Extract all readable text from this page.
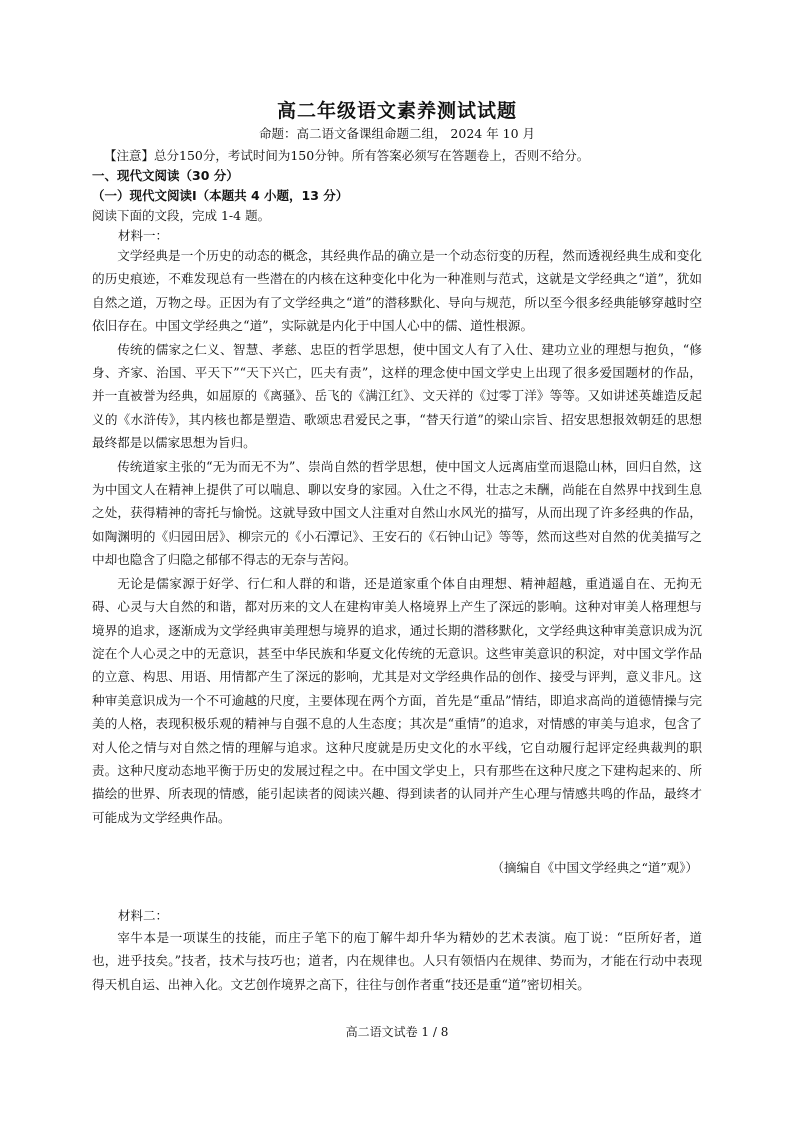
高二年级语文素养测试试题
命题：高二语文备课组命题二组， 2024 年 10 月
【注意】总分150分，考试时间为150分钟。所有答案必须写在答题卷上，否则不给分。
一、现代文阅读（30 分）
（一）现代文阅读Ⅰ（本题共 4 小题，13 分）
阅读下面的文段，完成 1-4 题。
材料一：

文学经典是一个历史的动态的概念，其经典作品的确立是一个动态衍变的历程，然而透视经典生成和变化的历史痕迹，不难发现总有一些潜在的内核在这种变化中化为一种准则与范式，这就是文学经典之“道”，犹如自然之道，万物之母。正因为有了文学经典之“道”的潜移默化、导向与规范，所以至今很多经典能够穿越时空依旧存在。中国文学经典之“道”，实际就是内化于中国人心中的儒、道性根源。

传统的儒家之仁义、智慧、孝慈、忠臣的哲学思想，使中国文人有了入仕、建功立业的理想与抱负，“修身、齐家、治国、平天下”“天下兴亡，匹夫有责”，这样的理念使中国文学史上出现了很多爱国题材的作品，并一直被誉为经典，如屈原的《离骚》、岳飞的《满江红》、文天祥的《过零丁洋》等等。又如讲述英雄造反起义的《水浒传》，其内核也都是塑造、歌颂忠君爱民之事，“替天行道”的梁山宗旨、招安思想报效朝廷的思想最终都是以儒家思想为旨归。

传统道家主张的“无为而无不为”、崇尚自然的哲学思想，使中国文人远离庙堂而退隐山林，回归自然，这为中国文人在精神上提供了可以喘息、聊以安身的家园。入仕之不得，壮志之未酬，尚能在自然界中找到生息之处，获得精神的寄托与愉悦。这就导致中国文人注重对自然山水风光的描写，从而出现了许多经典的作品，如陶渊明的《归园田居》、柳宗元的《小石潭记》、王安石的《石钟山记》等等，然而这些对自然的优美描写之中却也隐含了归隐之郁郁不得志的无奈与苦闷。

无论是儒家源于好学、行仁和人群的和谐，还是道家重个体自由理想、精神超越，重逍遥自在、无拘无碍、心灵与大自然的和谐，都对历来的文人在建构审美人格境界上产生了深远的影响。这种对审美人格理想与境界的追求，逐渐成为文学经典审美理想与境界的追求，通过长期的潜移默化，文学经典这种审美意识成为沉淀在个人心灵之中的无意识，甚至中华民族和华夏文化传统的无意识。这些审美意识的积淀，对中国文学作品的立意、构思、用语、用情都产生了深远的影响，尤其是对文学经典作品的创作、接受与评判，意义非凡。这种审美意识成为一个不可逾越的尺度，主要体现在两个方面，首先是“重品”情结，即追求高尚的道德情操与完美的人格，表现积极乐观的精神与自强不息的人生态度；其次是“重情”的追求，对情感的审美与追求，包含了对人伦之情与对自然之情的理解与追求。这种尺度就是历史文化的水平线，它自动履行起评定经典裁判的职责。这种尺度动态地平衡于历史的发展过程之中。在中国文学史上，只有那些在这种尺度之下建构起来的、所描绘的世界、所表现的情感，能引起读者的阅读兴趣、得到读者的认同并产生心理与情感共鸣的作品，最终才可能成为文学经典作品。

（摘编自《中国文学经典之“道”观》）
材料二：

宰牛本是一项谋生的技能，而庄子笔下的庖丁解牛却升华为精妙的艺术表演。庖丁说：“臣所好者，道也，进乎技矣。”技者，技术与技巧也；道者，内在规律也。人只有领悟内在规律、势而为，才能在行动中表现得天机自运、出神入化。文艺创作境界之高下，往往与创作者重“技还是重“道”密切相关。

高二语文试卷 1 / 8
